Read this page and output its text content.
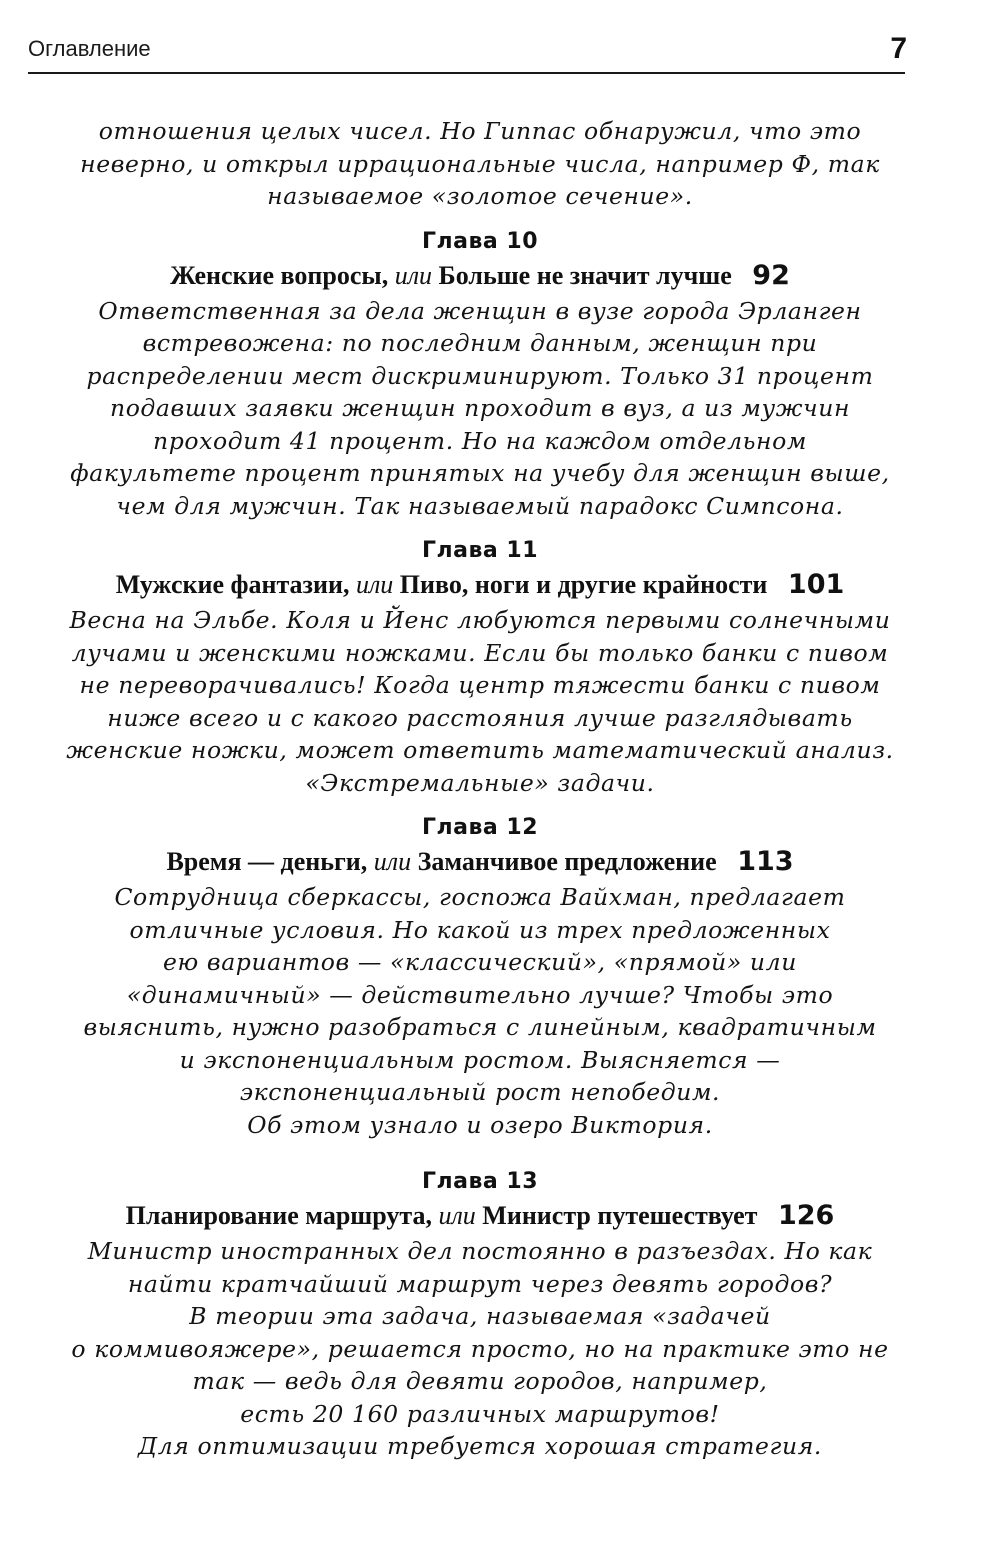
Оглавление	7

отношения целых чисел. Но Гиппас обнаружил, что это
неверно, и открыл иррациональные числа, например Ф, так
называемое «золотое сечение».

Глава 10
Женские вопросы, или Больше не значит лучше 92

Ответственная за дела женщин в вузе города Эрланген
встревожена: по последним данным, женщин при
распределении мест дискриминируют. Только 31 процент
подавших заявки женщин проходит в вуз, а из мужчин
проходит 41 процент. Но на каждом отдельном
факультете процент принятых на учебу для женщин выше,
чем для мужчин. Так называемый парадокс Симпсона.

Глава 11
Мужские фантазии, или Пиво, ноги и другие крайности 101

Весна на Эльбе. Коля и Йенс любуются первыми солнечными
лучами и женскими ножками. Если бы только банки с пивом
не переворачивались! Когда центр тяжести банки с пивом
ниже всего и с какого расстояния лучше разглядывать
женские ножки, может ответить математический анализ.
«Экстремальные» задачи.

Глава 12
Время — деньги, или Заманчивое предложение 113

Сотрудница сберкассы, госпожа Вайхман, предлагает
отличные условия. Но какой из трех предложенных
ею вариантов — «классический», «прямой» или
«динамичный» — действительно лучше? Чтобы это
выяснить, нужно разобраться с линейным, квадратичным
и экспоненциальным ростом. Выясняется —
экспоненциальный рост непобедим.
Об этом узнало и озеро Виктория.

Глава 13
Планирование маршрута, или Министр путешествует 126

Министр иностранных дел постоянно в разъездах. Но как
найти кратчайший маршрут через девять городов?
В теории эта задача, называемая «задачей
о коммивояжере», решается просто, но на практике это не
так — ведь для девяти городов, например,
есть 20 160 различных маршрутов!
Для оптимизации требуется хорошая стратегия.
